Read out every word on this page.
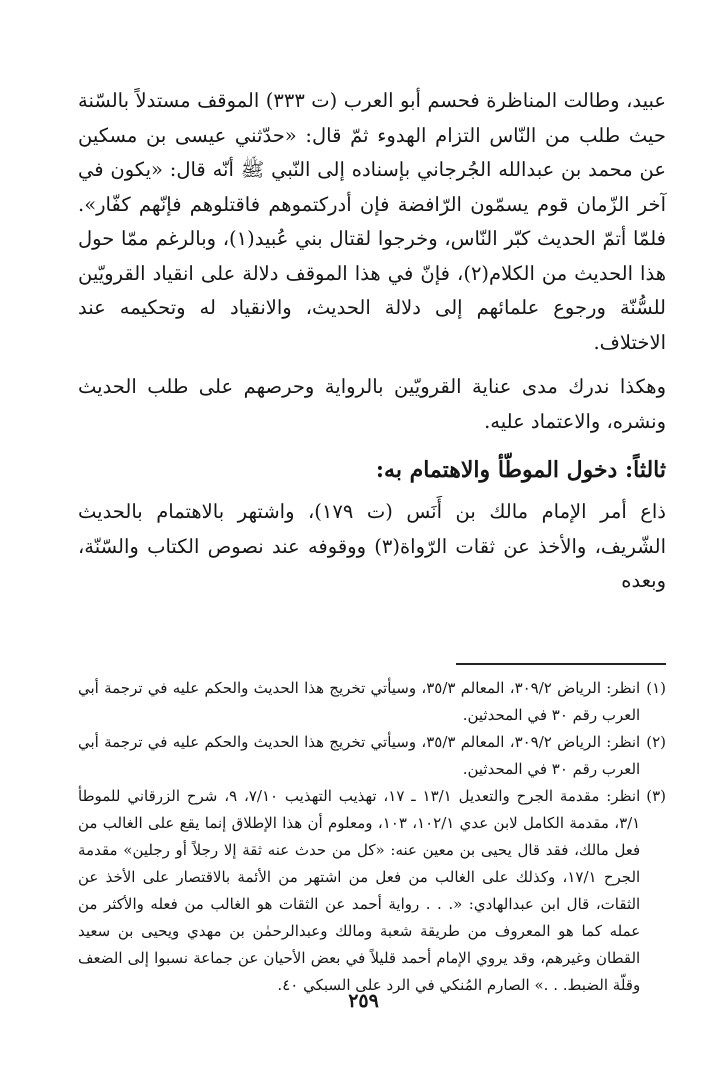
عبيد، وطالت المناظرة فحسم أبو العرب (ت ٣٣٣) الموقف مستدلاً بالسّنة حيث طلب من النّاس التزام الهدوء ثمّ قال: «حدّثني عيسى بن مسكين عن محمد بن عبدالله الجُرجاني بإسناده إلى النّبي ﷺ أنّه قال: «يكون في آخر الزّمان قوم يسمّون الرّافضة فإن أدركتموهم فاقتلوهم فإنّهم كفّار». فلمّا أتمّ الحديث كبّر النّاس، وخرجوا لقتال بني عُبيد(١)، وبالرغم ممّا حول هذا الحديث من الكلام(٢)، فإنّ في هذا الموقف دلالة على انقياد القرويّين للسُّنّة ورجوع علمائهم إلى دلالة الحديث، والانقياد له وتحكيمه عند الاختلاف.

وهكذا ندرك مدى عناية القرويّين بالرواية وحرصهم على طلب الحديث ونشره، والاعتماد عليه.

ثالثاً: دخول الموطّأ والاهتمام به:

ذاع أمر الإمام مالك بن أَنَس (ت ١٧٩)، واشتهر بالاهتمام بالحديث الشّريف، والأخذ عن ثقات الرّواة(٣) ووقوفه عند نصوص الكتاب والسّنّة، وبعده

(١)
انظر: الرياض ٣٠٩/٢، المعالم ٣٥/٣، وسيأتي تخريج هذا الحديث والحكم عليه في ترجمة أبي العرب رقم ٣٠ في المحدثين.
(٢)
انظر: الرياض ٣٠٩/٢، المعالم ٣٥/٣، وسيأتي تخريج هذا الحديث والحكم عليه في ترجمة أبي العرب رقم ٣٠ في المحدثين.
(٣)
انظر: مقدمة الجرح والتعديل ١٣/١ ـ ١٧، تهذيب التهذيب ٧/١٠، ٩، شرح الزرقاني للموطأ ٣/١، مقدمة الكامل لابن عدي ١٠٢/١، ١٠٣، ومعلوم أن هذا الإطلاق إنما يقع على الغالب من فعل مالك، فقد قال يحيى بن معين عنه: «كل من حدث عنه ثقة إلا رجلاً أو رجلين» مقدمة الجرح ١٧/١، وكذلك على الغالب من فعل من اشتهر من الأئمة بالاقتصار على الأخذ عن الثقات، قال ابن عبدالهادي: «. . . رواية أحمد عن الثقات هو الغالب من فعله والأكثر من عمله كما هو المعروف من طريقة شعبة ومالك وعبدالرحمٰن بن مهدي ويحيى بن سعيد القطان وغيرهم، وقد يروي الإمام أحمد قليلاً في بعض الأحيان عن جماعة نسبوا إلى الضعف وقلّة الضبط. . .» الصارم المُنكي في الرد على السبكي ٤٠.
٢٥٩
